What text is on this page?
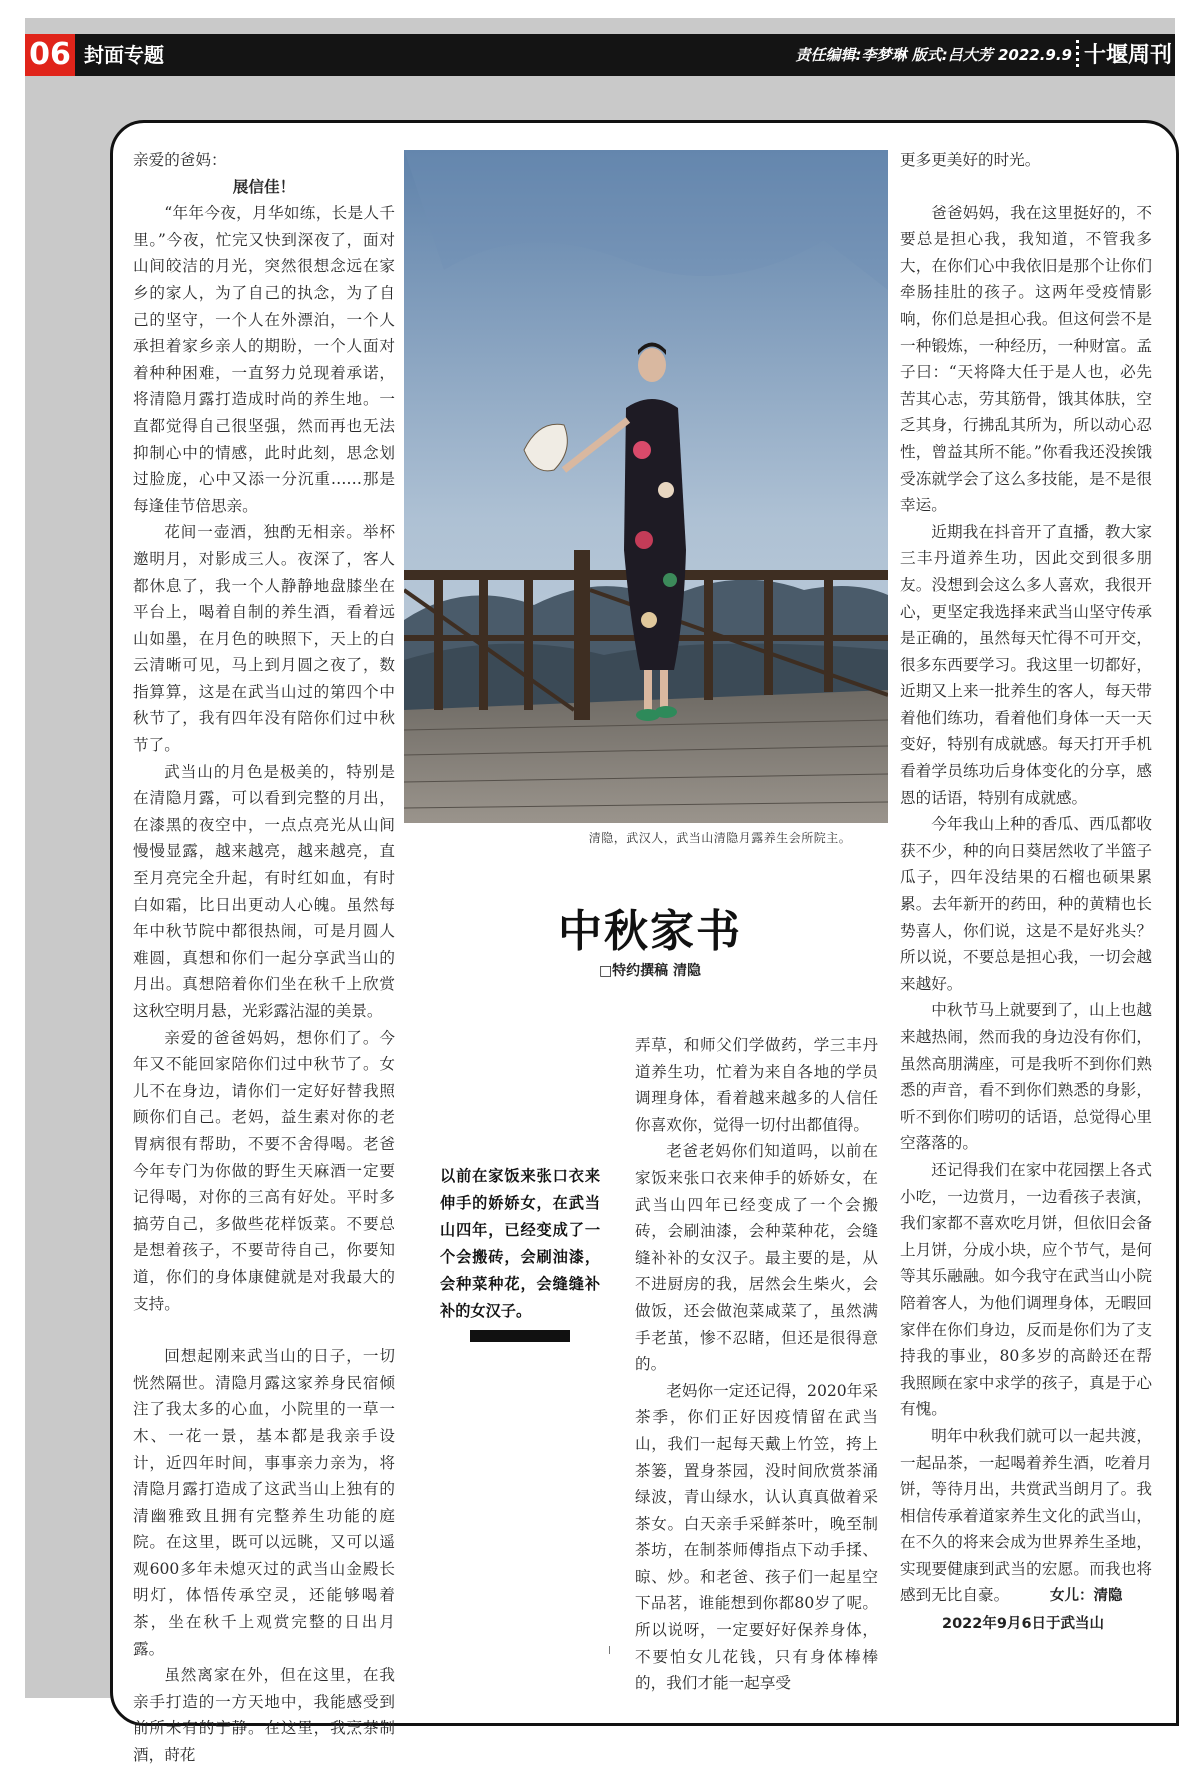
06 封面专题	责任编辑:李梦琳 版式:吕大芳 2022.9.9 十堰周刊

亲爱的爸妈：

展信佳！

“年年今夜，月华如练，长是人千里。”今夜，忙完又快到深夜了，面对山间皎洁的月光，突然很想念远在家乡的家人，为了自己的执念，为了自己的坚守，一个人在外漂泊，一个人承担着家乡亲人的期盼，一个人面对着种种困难，一直努力兑现着承诺，将清隐月露打造成时尚的养生地。一直都觉得自己很坚强，然而再也无法抑制心中的情感，此时此刻，思念划过脸庞，心中又添一分沉重……那是每逢佳节倍思亲。

花间一壶酒，独酌无相亲。举杯邀明月，对影成三人。夜深了，客人都休息了，我一个人静静地盘膝坐在平台上，喝着自制的养生酒，看着远山如墨，在月色的映照下，天上的白云清晰可见，马上到月圆之夜了，数指算算，这是在武当山过的第四个中秋节了，我有四年没有陪你们过中秋节了。

武当山的月色是极美的，特别是在清隐月露，可以看到完整的月出，在漆黑的夜空中，一点点亮光从山间慢慢显露，越来越亮，越来越亮，直至月亮完全升起，有时红如血，有时白如霜，比日出更动人心魄。虽然每年中秋节院中都很热闹，可是月圆人难圆，真想和你们一起分享武当山的月出。真想陪着你们坐在秋千上欣赏这秋空明月悬，光彩露沾湿的美景。

亲爱的爸爸妈妈，想你们了。今年又不能回家陪你们过中秋节了。女儿不在身边，请你们一定好好替我照顾你们自己。老妈，益生素对你的老胃病很有帮助，不要不舍得喝。老爸今年专门为你做的野生天麻酒一定要记得喝，对你的三高有好处。平时多搞劳自己，多做些花样饭菜。不要总是想着孩子，不要苛待自己，你要知道，你们的身体康健就是对我最大的支持。

回想起刚来武当山的日子，一切恍然隔世。清隐月露这家养身民宿倾注了我太多的心血，小院里的一草一木、一花一景，基本都是我亲手设计，近四年时间，事事亲力亲为，将清隐月露打造成了这武当山上独有的清幽雅致且拥有完整养生功能的庭院。在这里，既可以远眺，又可以遥观600多年未熄灭过的武当山金殿长明灯，体悟传承空灵，还能够喝着茶，坐在秋千上观赏完整的日出月露。

虽然离家在外，但在这里，在我亲手打造的一方天地中，我能感受到前所未有的宁静。在这里，我烹茶制酒，莳花

清隐，武汉人，武当山清隐月露养生会所院主。
中秋家书
□特约撰稿 清隐
以前在家饭来张口衣来伸手的娇娇女，在武当山四年，已经变成了一个会搬砖，会刷油漆，会种菜种花，会缝缝补补的女汉子。

弄草，和师父们学做药，学三丰丹道养生功，忙着为来自各地的学员调理身体，看着越来越多的人信任你喜欢你，觉得一切付出都值得。

老爸老妈你们知道吗，以前在家饭来张口衣来伸手的娇娇女，在武当山四年已经变成了一个会搬砖，会刷油漆，会种菜种花，会缝缝补补的女汉子。最主要的是，从不进厨房的我，居然会生柴火，会做饭，还会做泡菜咸菜了，虽然满手老茧，惨不忍睹，但还是很得意的。

老妈你一定还记得，2020年采茶季，你们正好因疫情留在武当山，我们一起每天戴上竹笠，挎上茶篓，置身茶园，没时间欣赏茶涌绿波，青山绿水，认认真真做着采茶女。白天亲手采鲜茶叶，晚至制茶坊，在制茶师傅指点下动手揉、晾、炒。和老爸、孩子们一起星空下品茗，谁能想到你都80岁了呢。所以说呀，一定要好好保养身体，不要怕女儿花钱，只有身体棒棒的，我们才能一起享受

更多更美好的时光。

爸爸妈妈，我在这里挺好的，不要总是担心我，我知道，不管我多大，在你们心中我依旧是那个让你们牵肠挂肚的孩子。这两年受疫情影响，你们总是担心我。但这何尝不是一种锻炼，一种经历，一种财富。孟子曰：“天将降大任于是人也，必先苦其心志，劳其筋骨，饿其体肤，空乏其身，行拂乱其所为，所以动心忍性，曾益其所不能。”你看我还没挨饿受冻就学会了这么多技能，是不是很幸运。

近期我在抖音开了直播，教大家三丰丹道养生功，因此交到很多朋友。没想到会这么多人喜欢，我很开心，更坚定我选择来武当山坚守传承是正确的，虽然每天忙得不可开交，很多东西要学习。我这里一切都好，近期又上来一批养生的客人，每天带着他们练功，看着他们身体一天一天变好，特别有成就感。每天打开手机看着学员练功后身体变化的分享，感恩的话语，特别有成就感。

今年我山上种的香瓜、西瓜都收获不少，种的向日葵居然收了半篮子瓜子，四年没结果的石榴也硕果累累。去年新开的药田，种的黄精也长势喜人，你们说，这是不是好兆头？所以说，不要总是担心我，一切会越来越好。

中秋节马上就要到了，山上也越来越热闹，然而我的身边没有你们，虽然高朋满座，可是我听不到你们熟悉的声音，看不到你们熟悉的身影，听不到你们唠叨的话语，总觉得心里空落落的。

还记得我们在家中花园摆上各式小吃，一边赏月，一边看孩子表演，我们家都不喜欢吃月饼，但依旧会备上月饼，分成小块，应个节气，是何等其乐融融。如今我守在武当山小院陪着客人，为他们调理身体，无暇回家伴在你们身边，反而是你们为了支持我的事业，80多岁的高龄还在帮我照顾在家中求学的孩子，真是于心有愧。

明年中秋我们就可以一起共渡，一起品茶，一起喝着养生酒，吃着月饼，等待月出，共赏武当朗月了。我相信传承着道家养生文化的武当山，在不久的将来会成为世界养生圣地，实现要健康到武当的宏愿。而我也将感到无比自豪。	女儿：清隐
2022年9月6日于武当山
